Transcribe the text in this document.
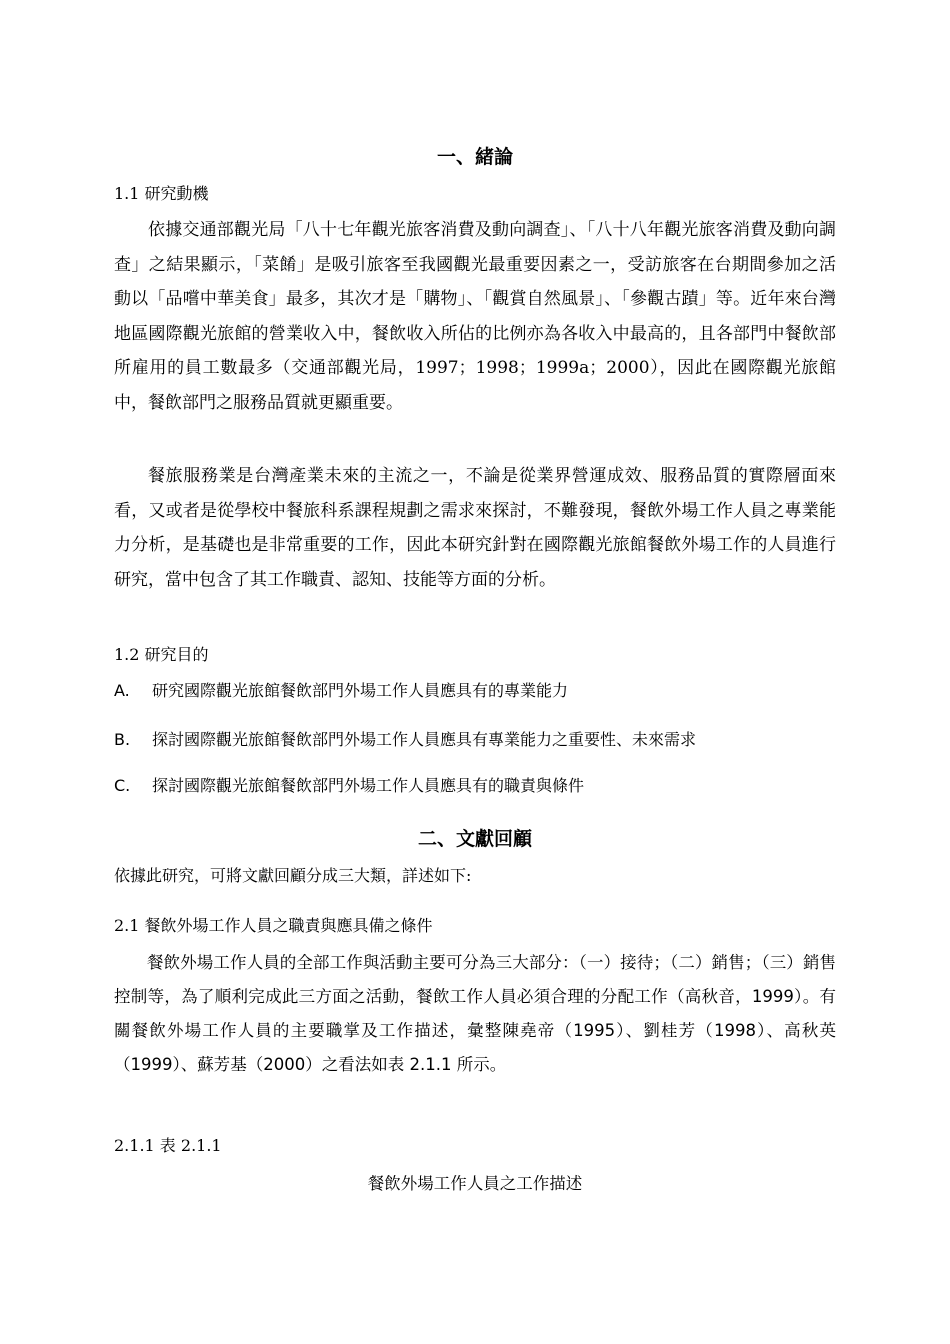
一、緒論
1.1 研究動機

依據交通部觀光局「八十七年觀光旅客消費及動向調查」、「八十八年觀光旅客消費及動向調查」之結果顯示，「菜餚」是吸引旅客至我國觀光最重要因素之一，受訪旅客在台期間參加之活動以「品嚐中華美食」最多，其次才是「購物」、「觀賞自然風景」、「參觀古蹟」等。近年來台灣地區國際觀光旅館的營業收入中，餐飲收入所佔的比例亦為各收入中最高的，且各部門中餐飲部所雇用的員工數最多（交通部觀光局，1997；1998；1999a；2000），因此在國際觀光旅館中，餐飲部門之服務品質就更顯重要。

餐旅服務業是台灣產業未來的主流之一，不論是從業界營運成效、服務品質的實際層面來看，又或者是從學校中餐旅科系課程規劃之需求來探討，不難發現，餐飲外場工作人員之專業能力分析，是基礎也是非常重要的工作，因此本研究針對在國際觀光旅館餐飲外場工作的人員進行研究，當中包含了其工作職責、認知、技能等方面的分析。

1.2 研究目的
A. 研究國際觀光旅館餐飲部門外場工作人員應具有的專業能力
B. 探討國際觀光旅館餐飲部門外場工作人員應具有專業能力之重要性、未來需求
C. 探討國際觀光旅館餐飲部門外場工作人員應具有的職責與條件
二、文獻回顧
依據此研究，可將文獻回顧分成三大類，詳述如下:
2.1 餐飲外場工作人員之職責與應具備之條件

餐飲外場工作人員的全部工作與活動主要可分為三大部分：（一）接待；（二）銷售；（三）銷售控制等，為了順利完成此三方面之活動，餐飲工作人員必須合理的分配工作（高秋音，1999）。有關餐飲外場工作人員的主要職掌及工作描述，彙整陳堯帝（1995）、劉桂芳（1998）、高秋英（1999）、蘇芳基（2000）之看法如表 2.1.1 所示。

2.1.1 表 2.1.1
餐飲外場工作人員之工作描述
